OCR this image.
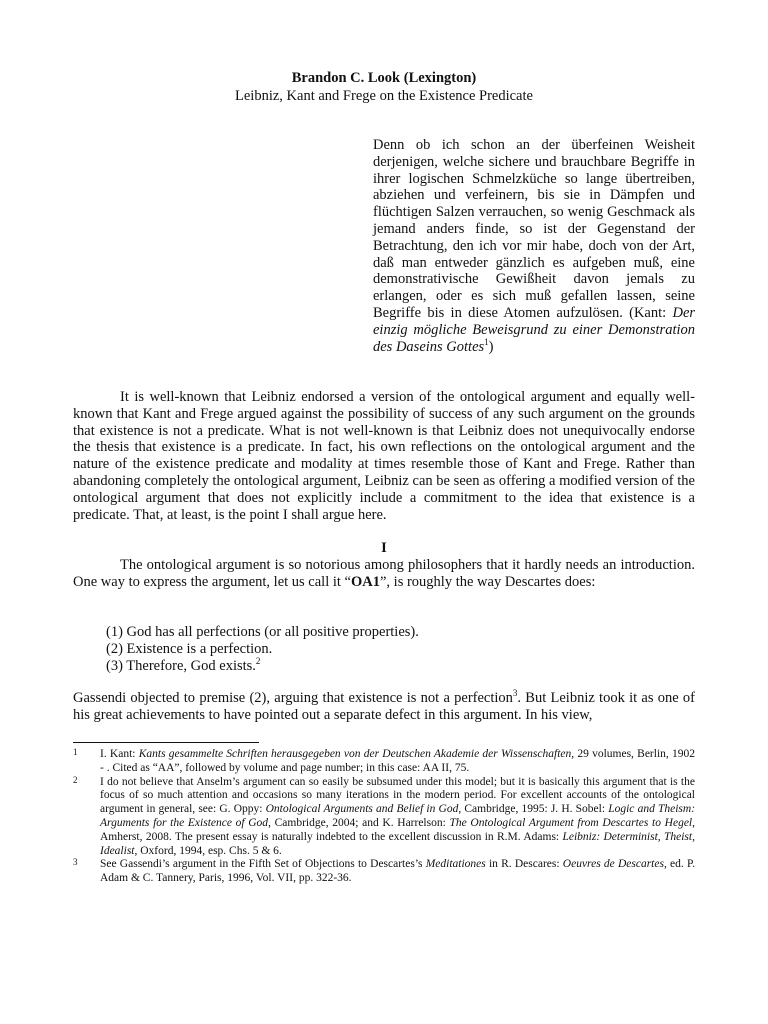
Brandon C. Look (Lexington)
Leibniz, Kant and Frege on the Existence Predicate
Denn ob ich schon an der überfeinen Weisheit derjenigen, welche sichere und brauchbare Begriffe in ihrer logischen Schmelzküche so lange übertreiben, abziehen und verfeinern, bis sie in Dämpfen und flüchtigen Salzen verrauchen, so wenig Geschmack als jemand anders finde, so ist der Gegenstand der Betrachtung, den ich vor mir habe, doch von der Art, daß man entweder gänzlich es aufgeben muß, eine demonstrativische Gewißheit davon jemals zu erlangen, oder es sich muß gefallen lassen, seine Begriffe bis in diese Atomen aufzulösen. (Kant: Der einzig mögliche Beweisgrund zu einer Demonstration des Daseins Gottes$^1$)
It is well-known that Leibniz endorsed a version of the ontological argument and equally well-known that Kant and Frege argued against the possibility of success of any such argument on the grounds that existence is not a predicate. What is not well-known is that Leibniz does not unequivocally endorse the thesis that existence is a predicate. In fact, his own reflections on the ontological argument and the nature of the existence predicate and modality at times resemble those of Kant and Frege. Rather than abandoning completely the ontological argument, Leibniz can be seen as offering a modified version of the ontological argument that does not explicitly include a commitment to the idea that existence is a predicate. That, at least, is the point I shall argue here.
I
The ontological argument is so notorious among philosophers that it hardly needs an introduction. One way to express the argument, let us call it “OA1”, is roughly the way Descartes does:
(1) God has all perfections (or all positive properties).
(2) Existence is a perfection.
(3) Therefore, God exists.$^2$
Gassendi objected to premise (2), arguing that existence is not a perfection$^3$. But Leibniz took it as one of his great achievements to have pointed out a separate defect in this argument. In his view,
1 I. Kant: Kants gesammelte Schriften herausgegeben von der Deutschen Akademie der Wissenschaften, 29 volumes, Berlin, 1902 - . Cited as “AA”, followed by volume and page number; in this case: AA II, 75.
2 I do not believe that Anselm’s argument can so easily be subsumed under this model; but it is basically this argument that is the focus of so much attention and occasions so many iterations in the modern period. For excellent accounts of the ontological argument in general, see: G. Oppy: Ontological Arguments and Belief in God, Cambridge, 1995: J. H. Sobel: Logic and Theism: Arguments for the Existence of God, Cambridge, 2004; and K. Harrelson: The Ontological Argument from Descartes to Hegel, Amherst, 2008. The present essay is naturally indebted to the excellent discussion in R.M. Adams: Leibniz: Determinist, Theist, Idealist, Oxford, 1994, esp. Chs. 5 & 6.
3 See Gassendi’s argument in the Fifth Set of Objections to Descartes’s Meditationes in R. Descares: Oeuvres de Descartes, ed. P. Adam & C. Tannery, Paris, 1996, Vol. VII, pp. 322-36.
